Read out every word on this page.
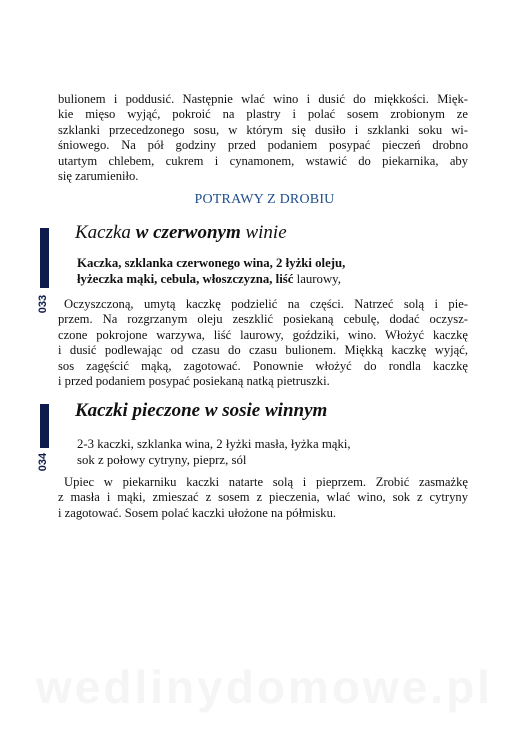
bulionem i poddusić. Następnie wlać wino i dusić do miękkości. Mięk-
kie mięso wyjąć, pokroić na plastry i polać sosem zrobionym ze
szklanki przecedzonego sosu, w którym się dusiło i szklanki soku wi-
śniowego. Na pół godziny przed podaniem posypać pieczeń drobno
utartym chlebem, cukrem i cynamonem, wstawić do piekarnika, aby
się zarumieniło.
POTRAWY Z DROBIU
033
Kaczka w czerwonym winie
Kaczka, szklanka czerwonego wina, 2 łyżki oleju,
łyżeczka mąki, cebula, włoszczyzna, liść laurowy,
Oczyszczoną, umytą kaczkę podzielić na części. Natrzeć solą i pie-
przem. Na rozgrzanym oleju zeszklić posiekaną cebulę, dodać oczysz-
czone pokrojone warzywa, liść laurowy, goździki, wino. Włożyć kaczkę
i dusić podlewając od czasu do czasu bulionem. Miękką kaczkę wyjąć,
sos zagęścić mąką, zagotować. Ponownie włożyć do rondla kaczkę
i przed podaniem posypać posiekaną natką pietruszki.
034
Kaczki pieczone w sosie winnym
2-3 kaczki, szklanka wina, 2 łyżki masła, łyżka mąki,
sok z połowy cytryny, pieprz, sól
Upiec w piekarniku kaczki natarte solą i pieprzem. Zrobić zasmażkę
z masła i mąki, zmieszać z sosem z pieczenia, wlać wino, sok z cytryny
i zagotować. Sosem polać kaczki ułożone na półmisku.
wedlinydomowe.pl
